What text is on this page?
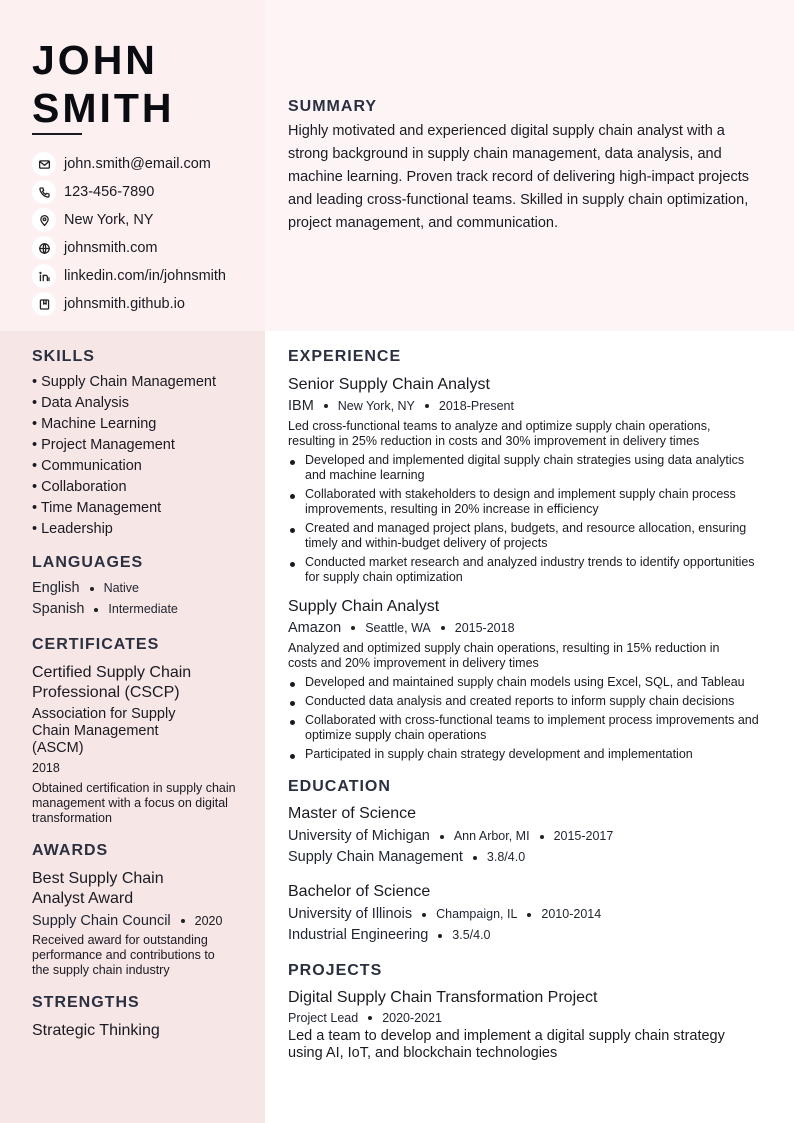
JOHN
SMITH
john.smith@email.com
123-456-7890
New York, NY
johnsmith.com
linkedin.com/in/johnsmith
johnsmith.github.io
SUMMARY
Highly motivated and experienced digital supply chain analyst with a strong background in supply chain management, data analysis, and machine learning. Proven track record of delivering high-impact projects and leading cross-functional teams. Skilled in supply chain optimization, project management, and communication.
SKILLS
• Supply Chain Management
• Data Analysis
• Machine Learning
• Project Management
• Communication
• Collaboration
• Time Management
• Leadership
LANGUAGES
English Native
Spanish Intermediate
CERTIFICATES
Certified Supply Chain Professional (CSCP)
Association for Supply Chain Management (ASCM)
2018
Obtained certification in supply chain management with a focus on digital transformation
AWARDS
Best Supply Chain Analyst Award
Supply Chain Council 2020
Received award for outstanding performance and contributions to the supply chain industry
STRENGTHS
Strategic Thinking
EXPERIENCE
Senior Supply Chain Analyst
IBM New York, NY 2018-Present
Led cross-functional teams to analyze and optimize supply chain operations, resulting in 25% reduction in costs and 30% improvement in delivery times
Developed and implemented digital supply chain strategies using data analytics and machine learning
Collaborated with stakeholders to design and implement supply chain process improvements, resulting in 20% increase in efficiency
Created and managed project plans, budgets, and resource allocation, ensuring timely and within-budget delivery of projects
Conducted market research and analyzed industry trends to identify opportunities for supply chain optimization
Supply Chain Analyst
Amazon Seattle, WA 2015-2018
Analyzed and optimized supply chain operations, resulting in 15% reduction in costs and 20% improvement in delivery times
Developed and maintained supply chain models using Excel, SQL, and Tableau
Conducted data analysis and created reports to inform supply chain decisions
Collaborated with cross-functional teams to implement process improvements and optimize supply chain operations
Participated in supply chain strategy development and implementation
EDUCATION
Master of Science
University of Michigan Ann Arbor, MI 2015-2017
Supply Chain Management 3.8/4.0
Bachelor of Science
University of Illinois Champaign, IL 2010-2014
Industrial Engineering 3.5/4.0
PROJECTS
Digital Supply Chain Transformation Project
Project Lead 2020-2021
Led a team to develop and implement a digital supply chain strategy using AI, IoT, and blockchain technologies
